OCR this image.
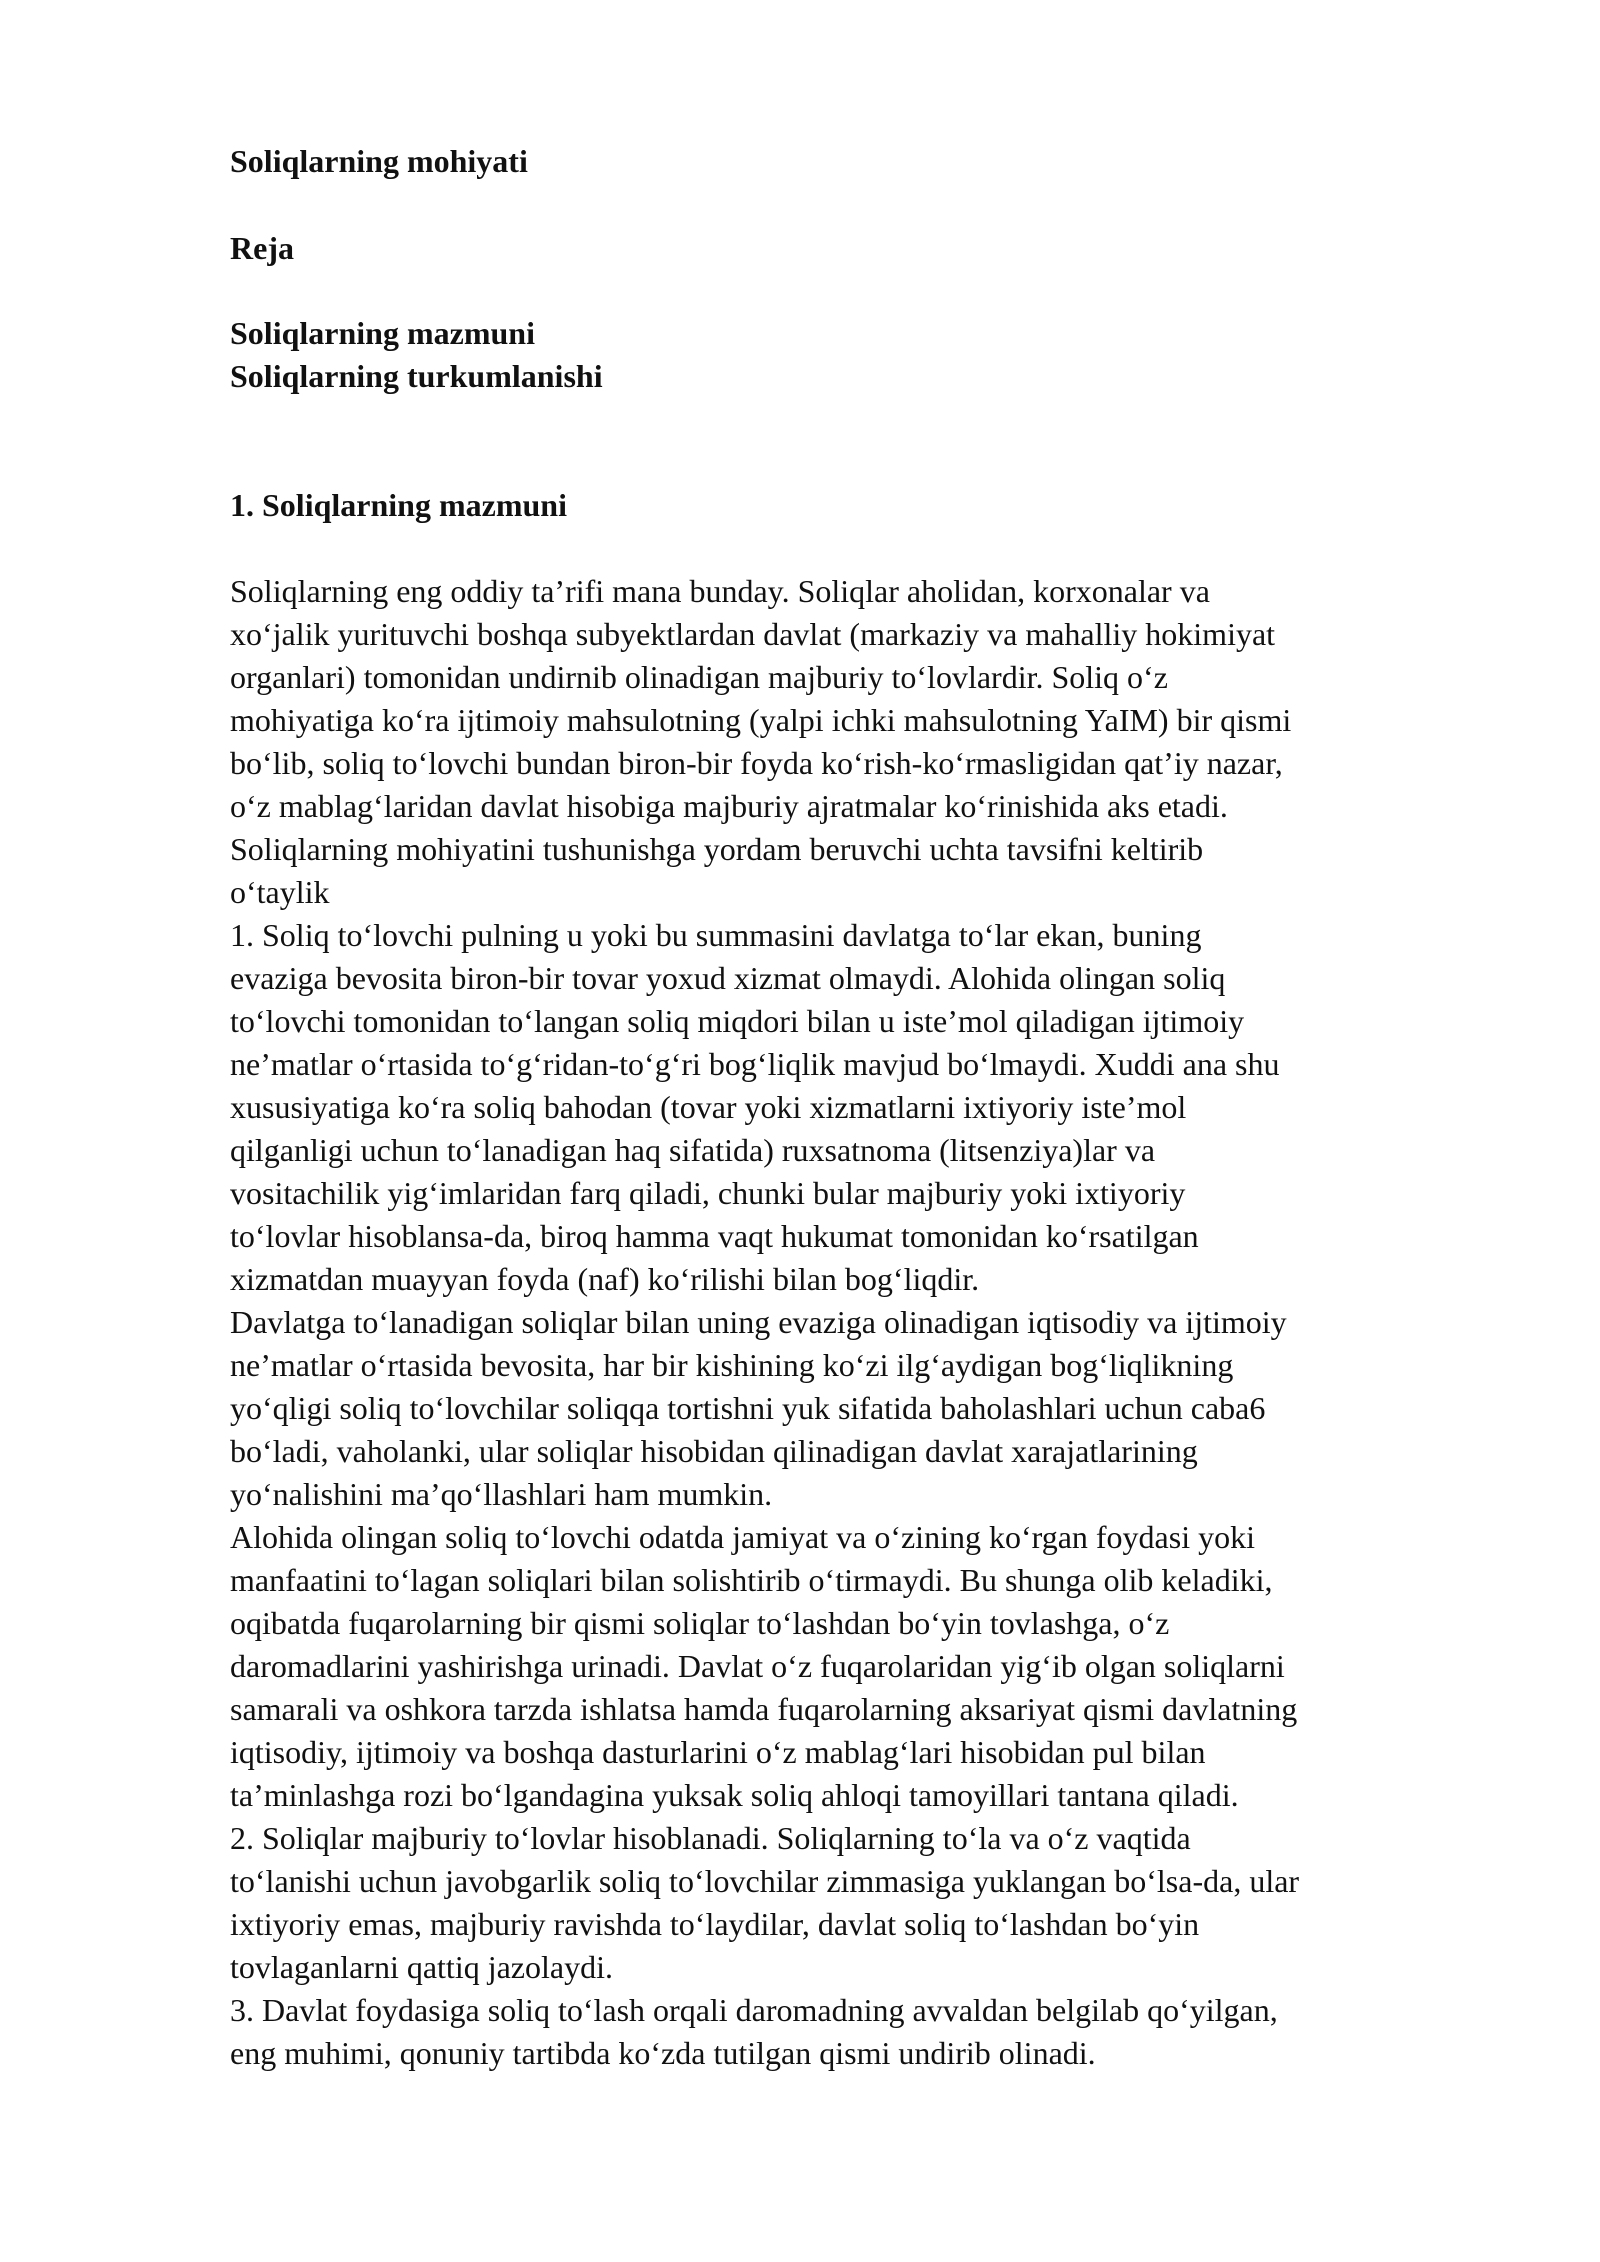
Soliqlarning mohiyati
Reja
Soliqlarning mazmuni
Soliqlarning turkumlanishi
1. Soliqlarning mazmuni
Soliqlarning eng oddiy ta’rifi mana bunday. Soliqlar aholidan, korxonalar va
xo‘jalik yurituvchi boshqa subyektlardan davlat (markaziy va mahalliy hokimiyat
organlari) tomonidan undirnib olinadigan majburiy to‘lovlardir. Soliq o‘z
mohiyatiga ko‘ra ijtimoiy mahsulotning (yalpi ichki mahsulotning YaIM) bir qismi
bo‘lib, soliq to‘lovchi bundan biron-bir foyda ko‘rish-ko‘rmasligidan qat’iy nazar,
o‘z mablag‘laridan davlat hisobiga majburiy ajratmalar ko‘rinishida aks etadi.
Soliqlarning mohiyatini tushunishga yordam beruvchi uchta tavsifni keltirib
o‘taylik
1. Soliq to‘lovchi pulning u yoki bu summasini davlatga to‘lar ekan, buning
evaziga bevosita biron-bir tovar yoxud xizmat olmaydi. Alohida olingan soliq
to‘lovchi tomonidan to‘langan soliq miqdori bilan u iste’mol qiladigan ijtimoiy
ne’matlar o‘rtasida to‘g‘ridan-to‘g‘ri bog‘liqlik mavjud bo‘lmaydi. Xuddi ana shu
xususiyatiga ko‘ra soliq bahodan (tovar yoki xizmatlarni ixtiyoriy iste’mol
qilganligi uchun to‘lanadigan haq sifatida) ruxsatnoma (litsenziya)lar va
vositachilik yig‘imlaridan farq qiladi, chunki bular majburiy yoki ixtiyoriy
to‘lovlar hisoblansa-da, biroq hamma vaqt hukumat tomonidan ko‘rsatilgan
xizmatdan muayyan foyda (naf) ko‘rilishi bilan bog‘liqdir.
Davlatga to‘lanadigan soliqlar bilan uning evaziga olinadigan iqtisodiy va ijtimoiy
ne’matlar o‘rtasida bevosita, har bir kishining ko‘zi ilg‘aydigan bog‘liqlikning
yo‘qligi soliq to‘lovchilar soliqqa tortishni yuk sifatida baholashlari uchun caba6
bo‘ladi, vaholanki, ular soliqlar hisobidan qilinadigan davlat xarajatlarining
yo‘nalishini ma’qo‘llashlari ham mumkin.
Alohida olingan soliq to‘lovchi odatda jamiyat va o‘zining ko‘rgan foydasi yoki
manfaatini to‘lagan soliqlari bilan solishtirib o‘tirmaydi. Bu shunga olib keladiki,
oqibatda fuqarolarning bir qismi soliqlar to‘lashdan bo‘yin tovlashga, o‘z
daromadlarini yashirishga urinadi. Davlat o‘z fuqarolaridan yig‘ib olgan soliqlarni
samarali va oshkora tarzda ishlatsa hamda fuqarolarning aksariyat qismi davlatning
iqtisodiy, ijtimoiy va boshqa dasturlarini o‘z mablag‘lari hisobidan pul bilan
ta’minlashga rozi bo‘lgandagina yuksak soliq ahloqi tamoyillari tantana qiladi.
2. Soliqlar majburiy to‘lovlar hisoblanadi. Soliqlarning to‘la va o‘z vaqtida
to‘lanishi uchun javobgarlik soliq to‘lovchilar zimmasiga yuklangan bo‘lsa-da, ular
ixtiyoriy emas, majburiy ravishda to‘laydilar, davlat soliq to‘lashdan bo‘yin
tovlaganlarni qattiq jazolaydi.
3. Davlat foydasiga soliq to‘lash orqali daromadning avvaldan belgilab qo‘yilgan,
eng muhimi, qonuniy tartibda ko‘zda tutilgan qismi undirib olinadi.
